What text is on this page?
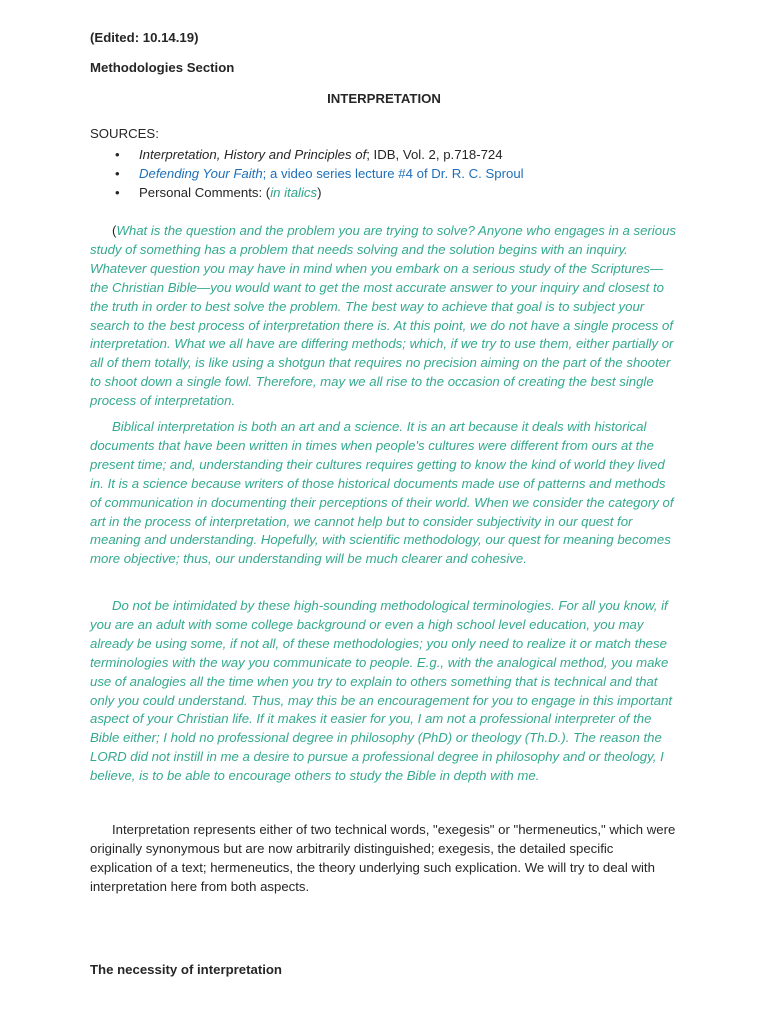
(Edited: 10.14.19)
Methodologies Section
INTERPRETATION
SOURCES:
• Interpretation, History and Principles of; IDB, Vol. 2, p.718-724
• Defending Your Faith; a video series lecture #4 of Dr. R. C. Sproul
• Personal Comments: (in italics)

(What is the question and the problem you are trying to solve? Anyone who engages in a serious study of something has a problem that needs solving and the solution begins with an inquiry. Whatever question you may have in mind when you embark on a serious study of the Scriptures—the Christian Bible—you would want to get the most accurate answer to your inquiry and closest to the truth in order to best solve the problem. The best way to achieve that goal is to subject your search to the best process of interpretation there is. At this point, we do not have a single process of interpretation. What we all have are differing methods; which, if we try to use them, either partially or all of them totally, is like using a shotgun that requires no precision aiming on the part of the shooter to shoot down a single fowl. Therefore, may we all rise to the occasion of creating the best single process of interpretation.

Biblical interpretation is both an art and a science. It is an art because it deals with historical documents that have been written in times when people's cultures were different from ours at the present time; and, understanding their cultures requires getting to know the kind of world they lived in. It is a science because writers of those historical documents made use of patterns and methods of communication in documenting their perceptions of their world. When we consider the category of art in the process of interpretation, we cannot help but to consider subjectivity in our quest for meaning and understanding. Hopefully, with scientific methodology, our quest for meaning becomes more objective; thus, our understanding will be much clearer and cohesive.

Do not be intimidated by these high-sounding methodological terminologies. For all you know, if you are an adult with some college background or even a high school level education, you may already be using some, if not all, of these methodologies; you only need to realize it or match these terminologies with the way you communicate to people. E.g., with the analogical method, you make use of analogies all the time when you try to explain to others something that is technical and that only you could understand. Thus, may this be an encouragement for you to engage in this important aspect of your Christian life. If it makes it easier for you, I am not a professional interpreter of the Bible either; I hold no professional degree in philosophy (PhD) or theology (Th.D.). The reason the LORD did not instill in me a desire to pursue a professional degree in philosophy and or theology, I believe, is to be able to encourage others to study the Bible in depth with me.

Interpretation represents either of two technical words, "exegesis" or "hermeneutics," which were originally synonymous but are now arbitrarily distinguished; exegesis, the detailed specific explication of a text; hermeneutics, the theory underlying such explication. We will try to deal with interpretation here from both aspects.

The necessity of interpretation
